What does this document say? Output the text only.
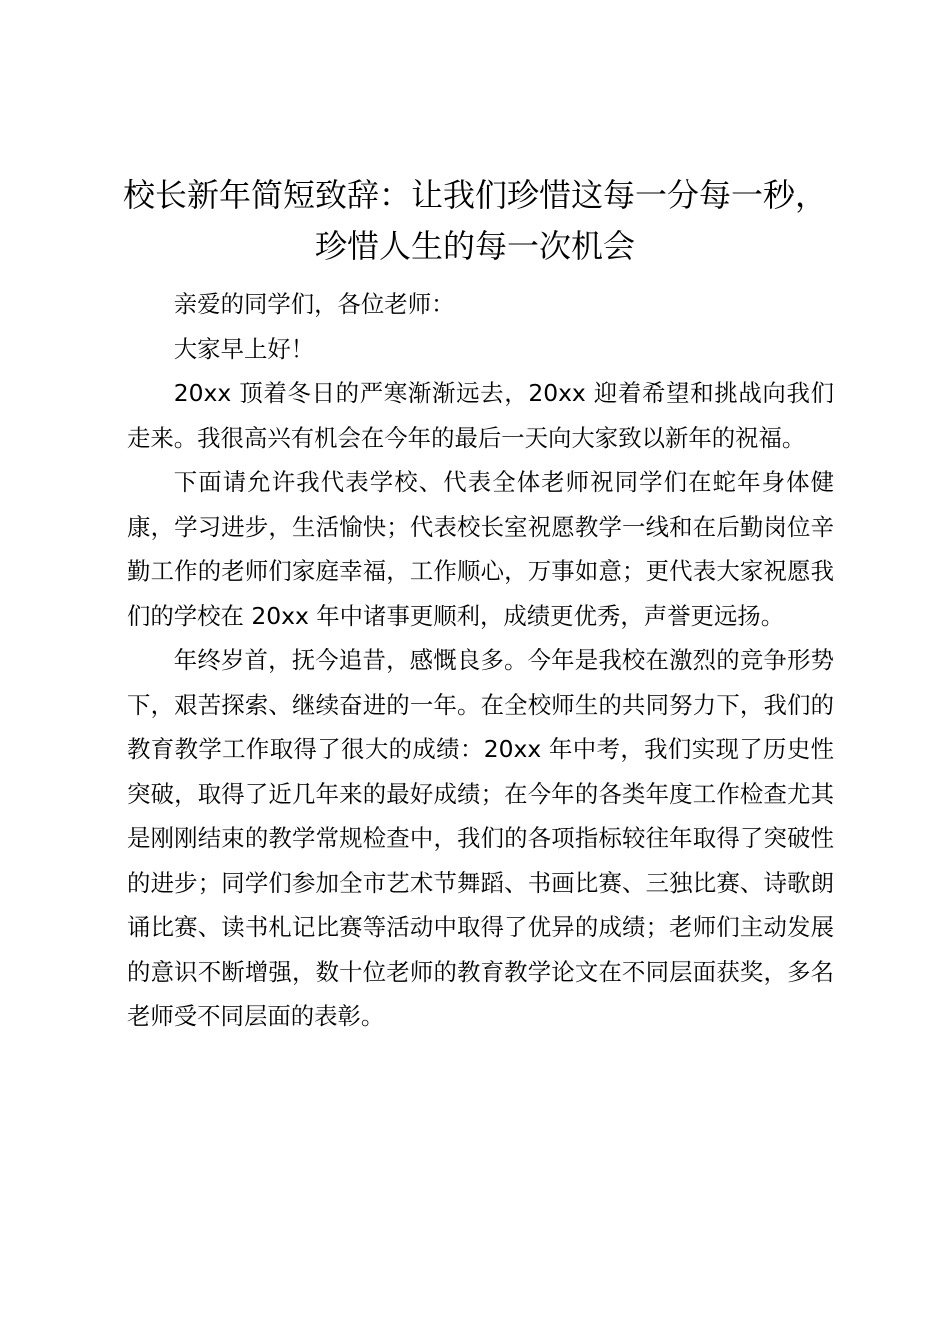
校长新年简短致辞：让我们珍惜这每一分每一秒，珍惜人生的每一次机会

亲爱的同学们，各位老师：

大家早上好！

20xx 顶着冬日的严寒渐渐远去，20xx 迎着希望和挑战向我们走来。我很高兴有机会在今年的最后一天向大家致以新年的祝福。

下面请允许我代表学校、代表全体老师祝同学们在蛇年身体健康，学习进步，生活愉快；代表校长室祝愿教学一线和在后勤岗位辛勤工作的老师们家庭幸福，工作顺心，万事如意；更代表大家祝愿我们的学校在 20xx 年中诸事更顺利，成绩更优秀，声誉更远扬。

年终岁首，抚今追昔，感慨良多。今年是我校在激烈的竞争形势下，艰苦探索、继续奋进的一年。在全校师生的共同努力下，我们的教育教学工作取得了很大的成绩：20xx 年中考，我们实现了历史性突破，取得了近几年来的最好成绩；在今年的各类年度工作检查尤其是刚刚结束的教学常规检查中，我们的各项指标较往年取得了突破性的进步；同学们参加全市艺术节舞蹈、书画比赛、三独比赛、诗歌朗诵比赛、读书札记比赛等活动中取得了优异的成绩；老师们主动发展的意识不断增强，数十位老师的教育教学论文在不同层面获奖，多名老师受不同层面的表彰。
